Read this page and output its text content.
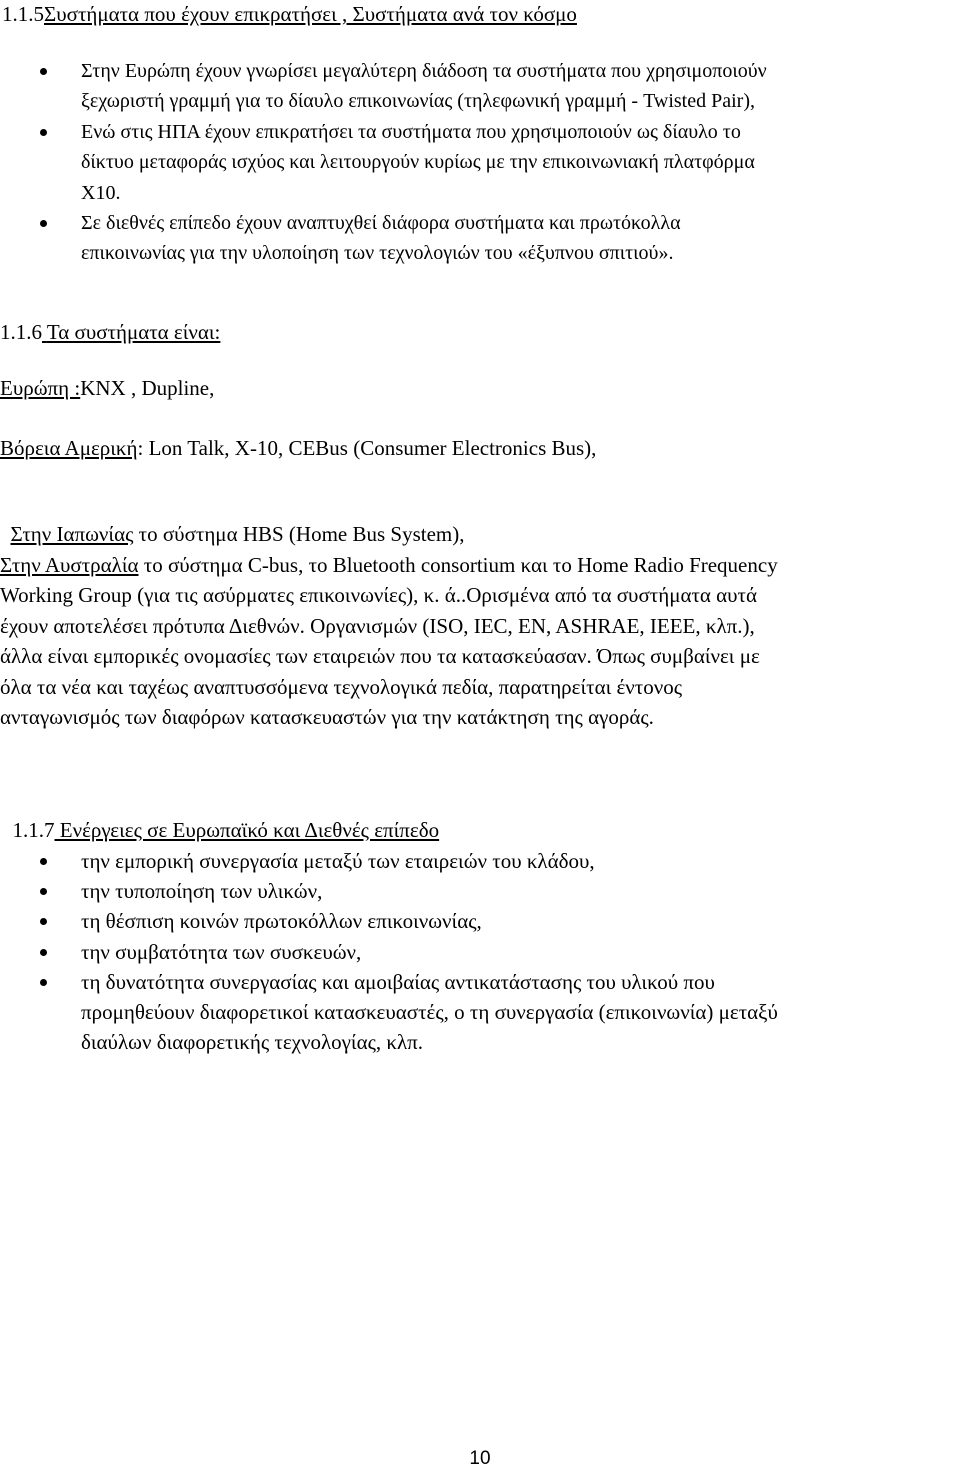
1.1.5Συστήματα που έχουν επικρατήσει , Συστήματα ανά τον κόσμο
Στην Ευρώπη έχουν γνωρίσει μεγαλύτερη διάδοση τα συστήματα που χρησιμοποιούν
ξεχωριστή γραμμή για το δίαυλο επικοινωνίας (τηλεφωνική γραμμή - Twisted Pair),
Ενώ στις ΗΠΑ έχουν επικρατήσει τα συστήματα που χρησιμοποιούν ως δίαυλο το
δίκτυο μεταφοράς ισχύος και λειτουργούν κυρίως με την επικοινωνιακή πλατφόρμα
Χ10.
Σε διεθνές επίπεδο έχουν αναπτυχθεί διάφορα συστήματα και πρωτόκολλα
επικοινωνίας για την υλοποίηση των τεχνολογιών του «έξυπνου σπιτιού».
1.1.6 Τα συστήματα είναι:
Ευρώπη :KNX , Dupline,
Βόρεια Αμερική: Lon Talk, X-10, CEBus (Consumer Electronics Bus),

Στην Ιαπωνίας το σύστημα HBS (Home Bus System),

Στην Αυστραλία το σύστημα C-bus, το Bluetooth consortium και το Home Radio Frequency
Working Group (για τις ασύρματες επικοινωνίες), κ. ά..Ορισμένα από τα συστήματα αυτά
έχουν αποτελέσει πρότυπα Διεθνών. Οργανισμών (ISO, IEC, EN, ASHRAE, IEEE, κλπ.),
άλλα είναι εμπορικές ονομασίες των εταιρειών που τα κατασκεύασαν. Όπως συμβαίνει με
όλα τα νέα και ταχέως αναπτυσσόμενα τεχνολογικά πεδία, παρατηρείται έντονος
ανταγωνισμός των διαφόρων κατασκευαστών για την κατάκτηση της αγοράς.

1.1.7 Ενέργειες σε Ευρωπαϊκό και Διεθνές επίπεδο

την εμπορική συνεργασία μεταξύ των εταιρειών του κλάδου,
την τυποποίηση των υλικών,
τη θέσπιση κοινών πρωτοκόλλων επικοινωνίας,
την συμβατότητα των συσκευών,
τη δυνατότητα συνεργασίας και αμοιβαίας αντικατάστασης του υλικού που
προμηθεύουν διαφορετικοί κατασκευαστές, ο τη συνεργασία (επικοινωνία) μεταξύ
διαύλων διαφορετικής τεχνολογίας, κλπ.
10
